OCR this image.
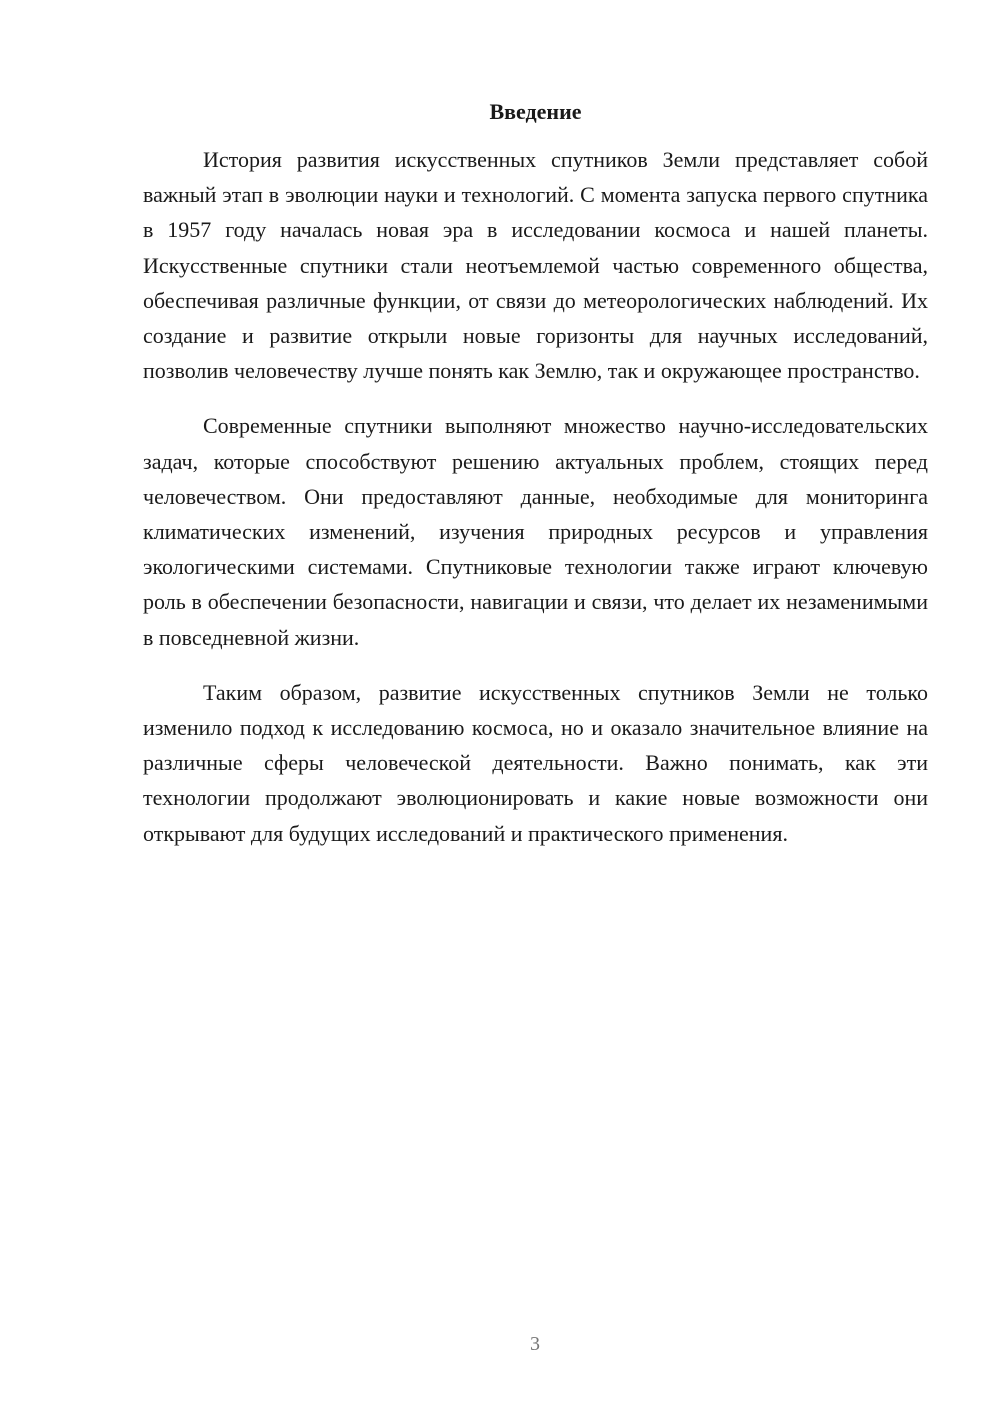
Введение

История развития искусственных спутников Земли представляет собой важный этап в эволюции науки и технологий. С момента запуска первого спутника в 1957 году началась новая эра в исследовании космоса и нашей планеты. Искусственные спутники стали неотъемлемой частью современного общества, обеспечивая различные функции, от связи до метеорологических наблюдений. Их создание и развитие открыли новые горизонты для научных исследований, позволив человечеству лучше понять как Землю, так и окружающее пространство.

Современные спутники выполняют множество научно-исследовательских задач, которые способствуют решению актуальных проблем, стоящих перед человечеством. Они предоставляют данные, необходимые для мониторинга климатических изменений, изучения природных ресурсов и управления экологическими системами. Спутниковые технологии также играют ключевую роль в обеспечении безопасности, навигации и связи, что делает их незаменимыми в повседневной жизни.

Таким образом, развитие искусственных спутников Земли не только изменило подход к исследованию космоса, но и оказало значительное влияние на различные сферы человеческой деятельности. Важно понимать, как эти технологии продолжают эволюционировать и какие новые возможности они открывают для будущих исследований и практического применения.

3
